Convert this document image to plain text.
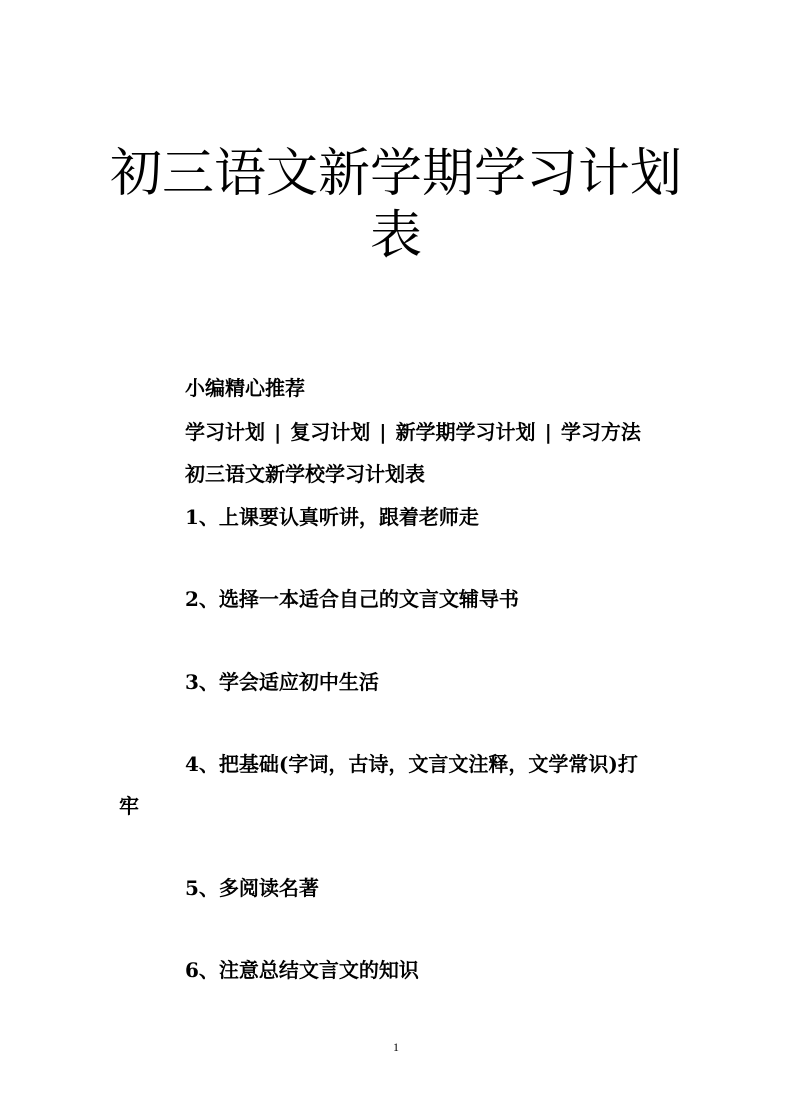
初三语文新学期学习计划
表
小编精心推荐
学习计划 | 复习计划 | 新学期学习计划 | 学习方法
初三语文新学校学习计划表
1、上课要认真听讲，跟着老师走
2、选择一本适合自己的文言文辅导书
3、学会适应初中生活
4、把基础(字词，古诗，文言文注释，文学常识)打
牢
5、多阅读名著
6、注意总结文言文的知识
1
